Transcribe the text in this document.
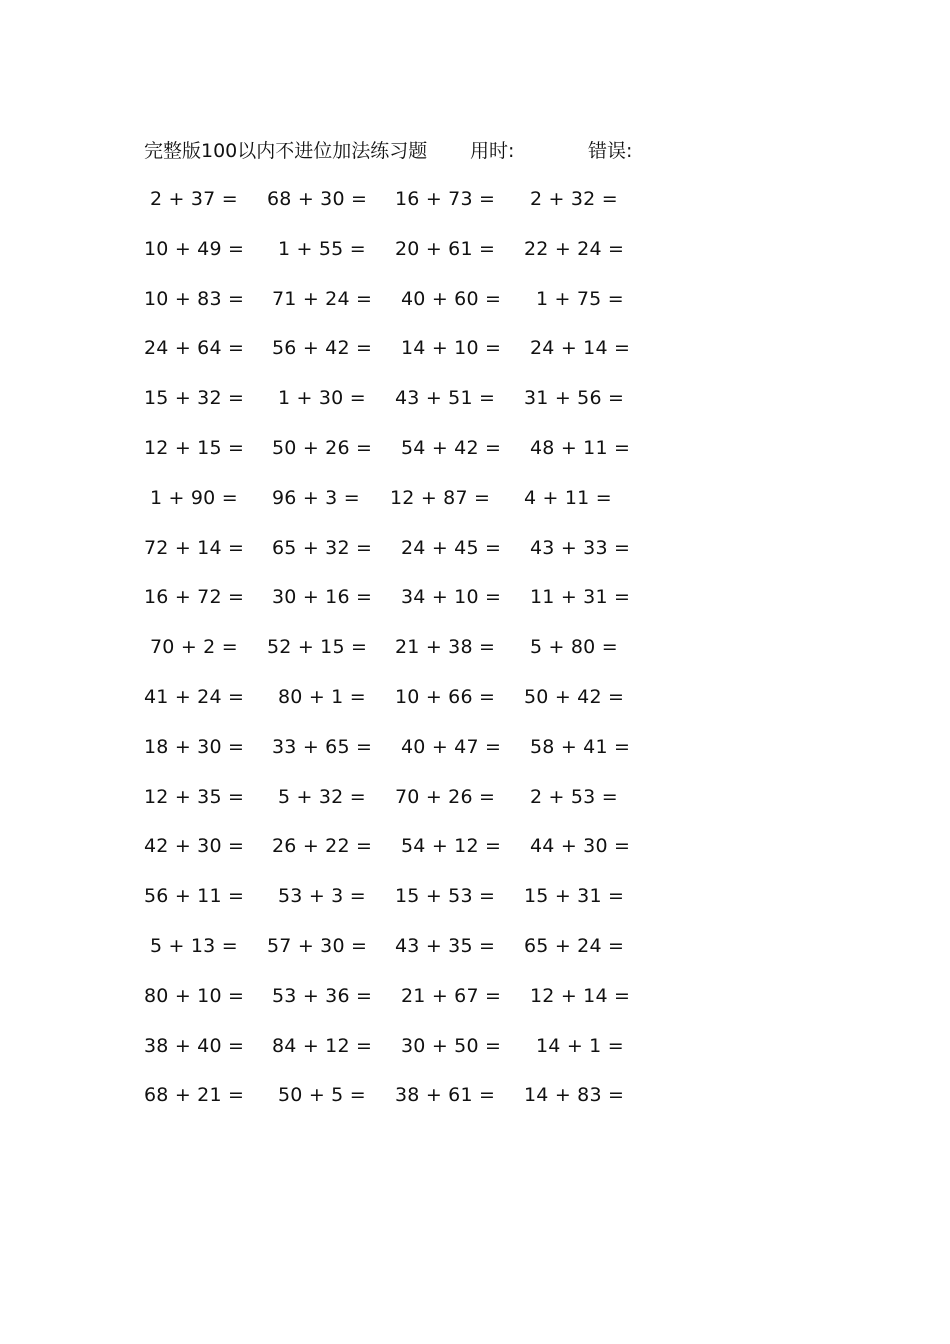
完整版100以内不进位加法练习题 用时:	错误:
2 + 37 = 68 + 30 = 16 + 73 = 2 + 32 =
10 + 49 = 1 + 55 = 20 + 61 = 22 + 24 =
10 + 83 = 71 + 24 = 40 + 60 = 1 + 75 =
24 + 64 = 56 + 42 = 14 + 10 = 24 + 14 =
15 + 32 = 1 + 30 = 43 + 51 = 31 + 56 =
12 + 15 = 50 + 26 = 54 + 42 = 48 + 11 =
1 + 90 = 96 + 3 = 12 + 87 = 4 + 11 =
72 + 14 = 65 + 32 = 24 + 45 = 43 + 33 =
16 + 72 = 30 + 16 = 34 + 10 = 11 + 31 =
70 + 2 = 52 + 15 = 21 + 38 = 5 + 80 =
41 + 24 = 80 + 1 = 10 + 66 = 50 + 42 =
18 + 30 = 33 + 65 = 40 + 47 = 58 + 41 =
12 + 35 = 5 + 32 = 70 + 26 = 2 + 53 =
42 + 30 = 26 + 22 = 54 + 12 = 44 + 30 =
56 + 11 = 53 + 3 = 15 + 53 = 15 + 31 =
5 + 13 = 57 + 30 = 43 + 35 = 65 + 24 =
80 + 10 = 53 + 36 = 21 + 67 = 12 + 14 =
38 + 40 = 84 + 12 = 30 + 50 = 14 + 1 =
68 + 21 = 50 + 5 = 38 + 61 = 14 + 83 =
